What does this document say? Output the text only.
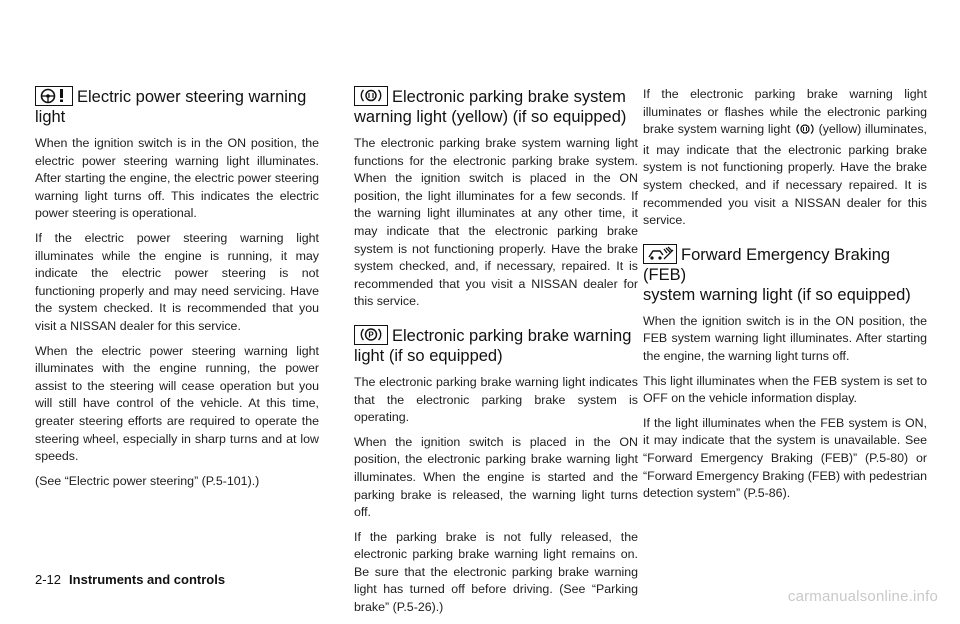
Electric power steering warning
light

When the ignition switch is in the ON position, the electric power steering warning light illuminates. After starting the engine, the electric power steering warning light turns off. This indicates the electric power steering is operational.

If the electric power steering warning light illuminates while the engine is running, it may indicate the electric power steering is not functioning properly and may need servicing. Have the system checked. It is recommended that you visit a NISSAN dealer for this service.

When the electric power steering warning light illuminates with the engine running, the power assist to the steering will cease operation but you will still have control of the vehicle. At this time, greater steering efforts are required to operate the steering wheel, especially in sharp turns and at low speeds.

(See “Electric power steering” (P.5-101).)

Electronic parking brake system
warning light (yellow) (if so equipped)

The electronic parking brake system warning light functions for the electronic parking brake system. When the ignition switch is placed in the ON position, the light illuminates for a few seconds. If the warning light illuminates at any other time, it may indicate that the electronic parking brake system is not functioning properly. Have the brake system checked, and, if necessary, repaired. It is recommended that you visit a NISSAN dealer for this service.

P Electronic parking brake warning
light (if so equipped)

The electronic parking brake warning light indicates that the electronic parking brake system is operating.

When the ignition switch is placed in the ON position, the electronic parking brake warning light illuminates. When the engine is started and the parking brake is released, the warning light turns off.

If the parking brake is not fully released, the electronic parking brake warning light remains on. Be sure that the electronic parking brake warning light has turned off before driving. (See “Parking brake” (P.5-26).)

If the electronic parking brake warning light illuminates or flashes while the electronic parking brake system warning light (yellow) illuminates, it may indicate that the electronic parking brake system is not functioning properly. Have the brake system checked, and if necessary repaired. It is recommended you visit a NISSAN dealer for this service.

Forward Emergency Braking (FEB)
system warning light (if so equipped)

When the ignition switch is in the ON position, the FEB system warning light illuminates. After starting the engine, the warning light turns off.

This light illuminates when the FEB system is set to OFF on the vehicle information display.

If the light illuminates when the FEB system is ON, it may indicate that the system is unavailable. See “Forward Emergency Braking (FEB)” (P.5-80) or “Forward Emergency Braking (FEB) with pedestrian detection system” (P.5-86).

2-12 Instruments and controls
carmanualsonline.info
